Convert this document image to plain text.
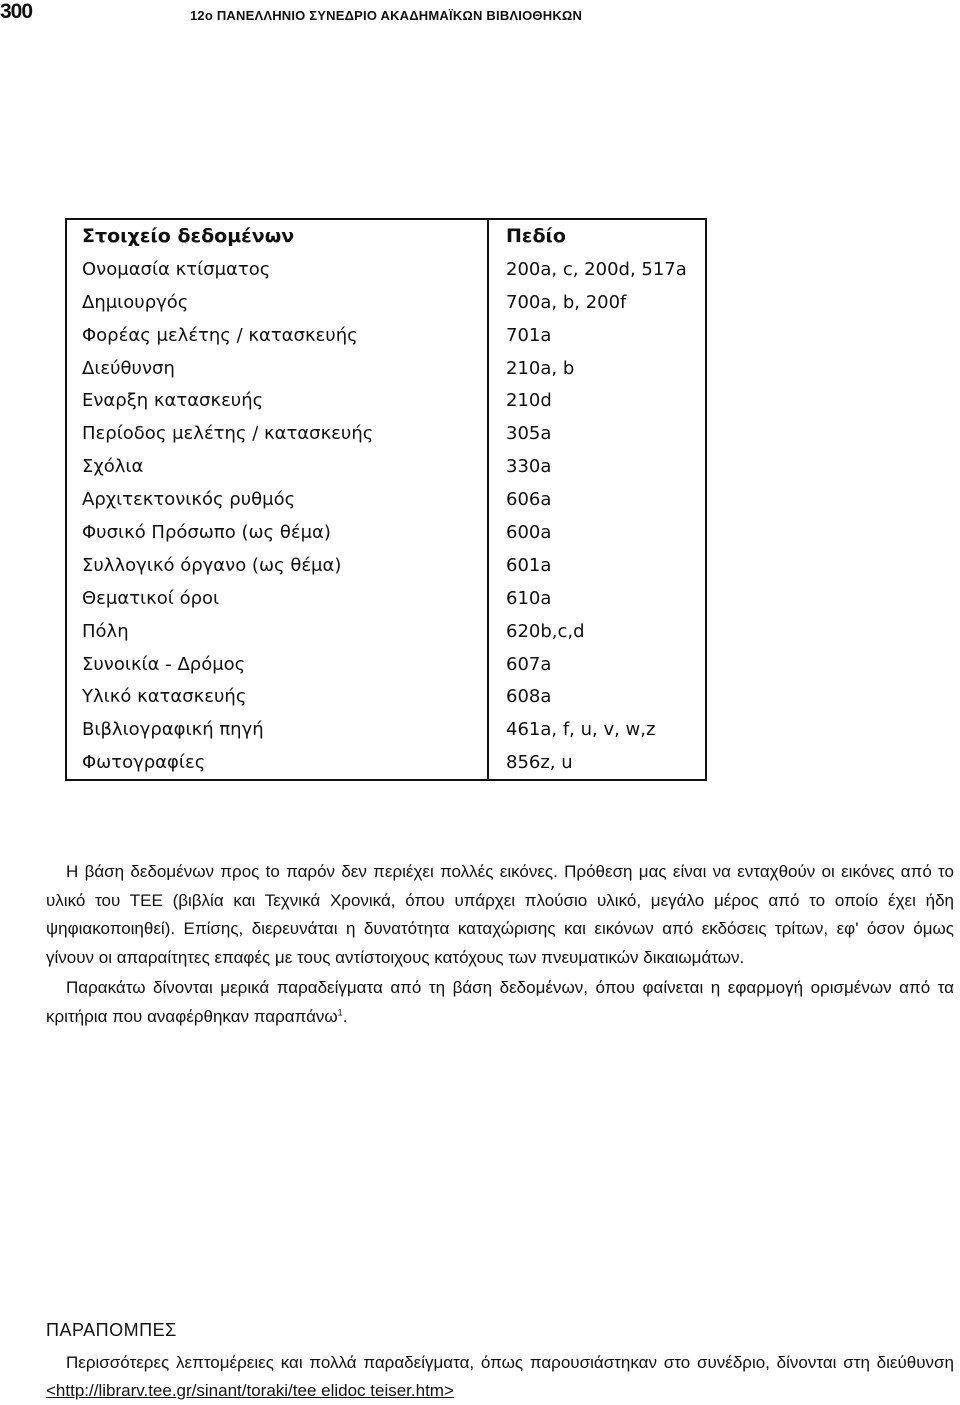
300	12ο ΠΑΝΕΛΛΗΝΙΟ ΣΥΝΕΔΡΙΟ ΑΚΑΔΗΜΑΪΚΩΝ ΒΙΒΛΙΟΘΗΚΩΝ
Στοιχείο δεδομένων	Πεδίο
Ονομασία κτίσματος	200a, c, 200d, 517a
Δημιουργός	700a, b, 200f
Φορέας μελέτης / κατασκευής	701a
Διεύθυνση	210a, b
Εναρξη κατασκευής	210d
Περίοδος μελέτης / κατασκευής	305a
Σχόλια	330a
Αρχιτεκτονικός ρυθμός	606a
Φυσικό Πρόσωπο (ως θέμα)	600a
Συλλογικό όργανο (ως θέμα)	601a
Θεματικοί όροι	610a
Πόλη	620b,c,d
Συνοικία - Δρόμος	607a
Υλικό κατασκευής	608a
Βιβλιογραφική πηγή	461a, f, u, v, w,z
Φωτογραφίες	856z, u

Η βάση δεδομένων προς to παρόν δεν περιέχει πολλές εικόνες. Πρόθεση μας είναι να ενταχθούν οι εικόνες από το υλικό του ΤΕΕ (βιβλία και Τεχνικά Χρονικά, όπου υπάρχει πλούσιο υλικό, μεγάλο μέρος από το οποίο έχει ήδη ψηφιακοποιηθεί). Επίσης, διερευνάται η δυνατότητα καταχώρισης και εικόνων από εκδόσεις τρίτων, εφ' όσον όμως γίνουν οι απαραίτητες επαφές με τους αντίστοιχους κατόχους των πνευματικών δικαιωμάτων.

Παρακάτω δίνονται μερικά παραδείγματα από τη βάση δεδομένων, όπου φαίνεται η εφαρμογή ορισμένων από τα κριτήρια που αναφέρθηκαν παραπάνω$^1$.

ΠΑΡΑΠΟΜΠΕΣ
Περισσότερες λεπτομέρειες και πολλά παραδείγματα, όπως παρουσιάστηκαν στο συνέδριο, δίνονται στη διεύθυνση <http://librarv.tee.gr/sinant/toraki/tee elidoc teiser.htm>
